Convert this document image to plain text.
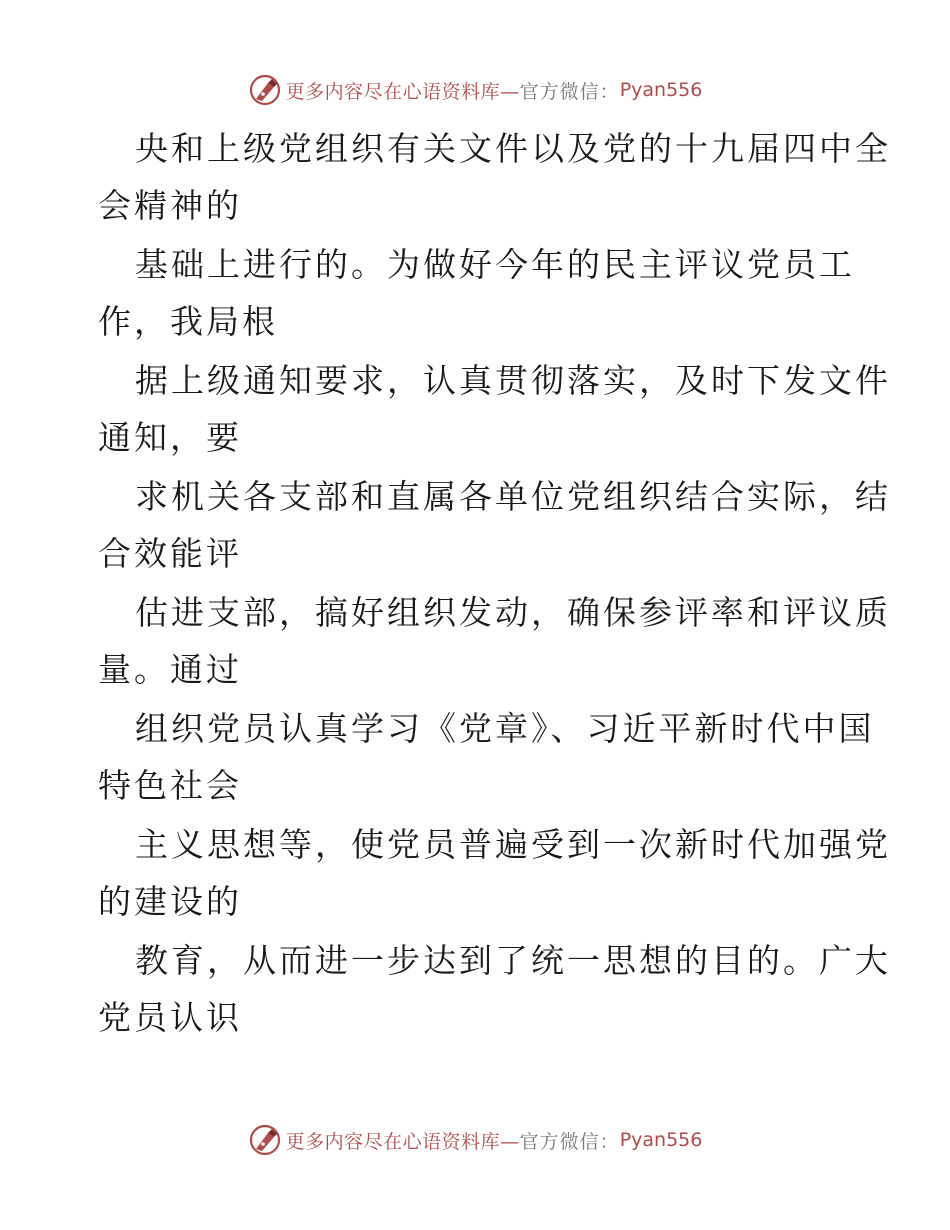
更多内容尽在心语资料库— 官方微信： Pyan556
央和上级党组织有关文件以及党的十九届四中全
会精神的
基础上进行的。为做好今年的民主评议党员工
作，我局根
据上级通知要求，认真贯彻落实，及时下发文件
通知，要
求机关各支部和直属各单位党组织结合实际，结
合效能评
估进支部，搞好组织发动，确保参评率和评议质
量。通过
组织党员认真学习《党章》、习近平新时代中国
特色社会
主义思想等，使党员普遍受到一次新时代加强党
的建设的
教育，从而进一步达到了统一思想的目的。广大
党员认识
更多内容尽在心语资料库— 官方微信： Pyan556
